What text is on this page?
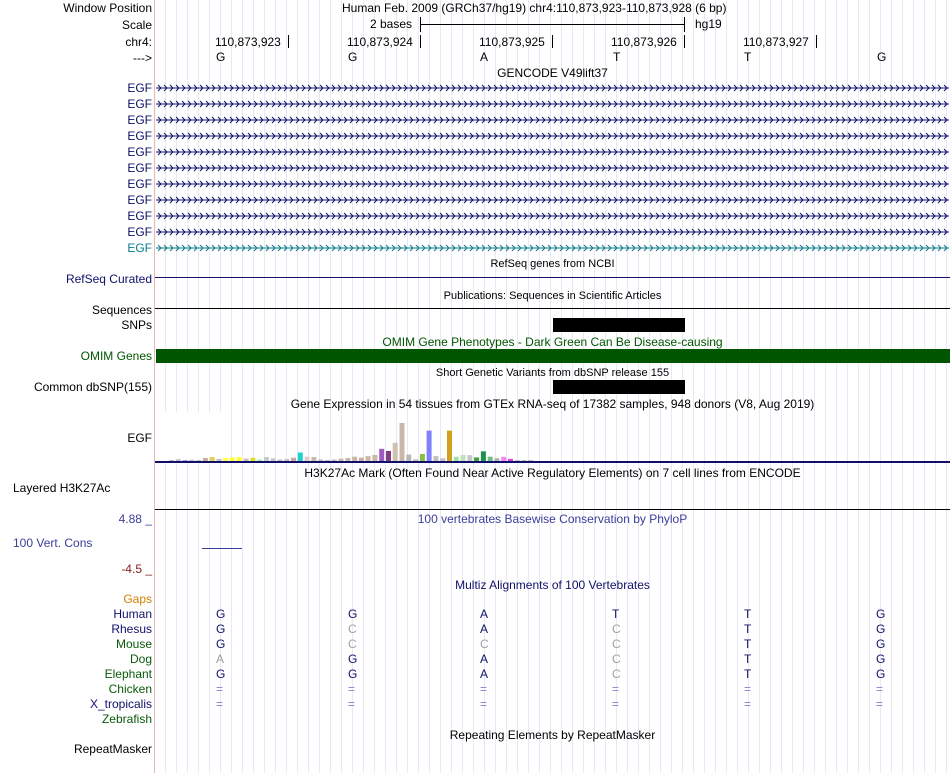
Window Position	Human Feb. 2009 (GRCh37/hg19) chr4:110,873,923-110,873,928 (6 bp)
Scale	2 bases	hg19
chr4:	110,873,923	110,873,924	110,873,925	110,873,926	110,873,927
--->	G	G	A	T	T	G
GENCODE V49lift37
EGF
EGF
EGF
EGF
EGF
EGF
EGF
EGF
EGF
EGF
EGF
RefSeq genes from NCBI
RefSeq Curated
Publications: Sequences in Scientific Articles
Sequences
SNPs
OMIM Gene Phenotypes - Dark Green Can Be Disease-causing
OMIM Genes
Short Genetic Variants from dbSNP release 155
Common dbSNP(155)
Gene Expression in 54 tissues from GTEx RNA-seq of 17382 samples, 948 donors (V8, Aug 2019)
EGF
H3K27Ac Mark (Often Found Near Active Regulatory Elements) on 7 cell lines from ENCODE
Layered H3K27Ac
100 vertebrates Basewise Conservation by PhyloP
4.88 _
100 Vert. Cons
-4.5 _
Multiz Alignments of 100 Vertebrates
Gaps
Human	G	G	A	T	T	G
Rhesus	G	C	A	C	T	G
Mouse	G	C	C	C	T	G
Dog	A	G	A	C	T	G
Elephant	G	G	A	C	T	G
Chicken	=	=	=	=	=	=
X_tropicalis	=	=	=	=	=	=
Zebrafish
Repeating Elements by RepeatMasker
RepeatMasker
